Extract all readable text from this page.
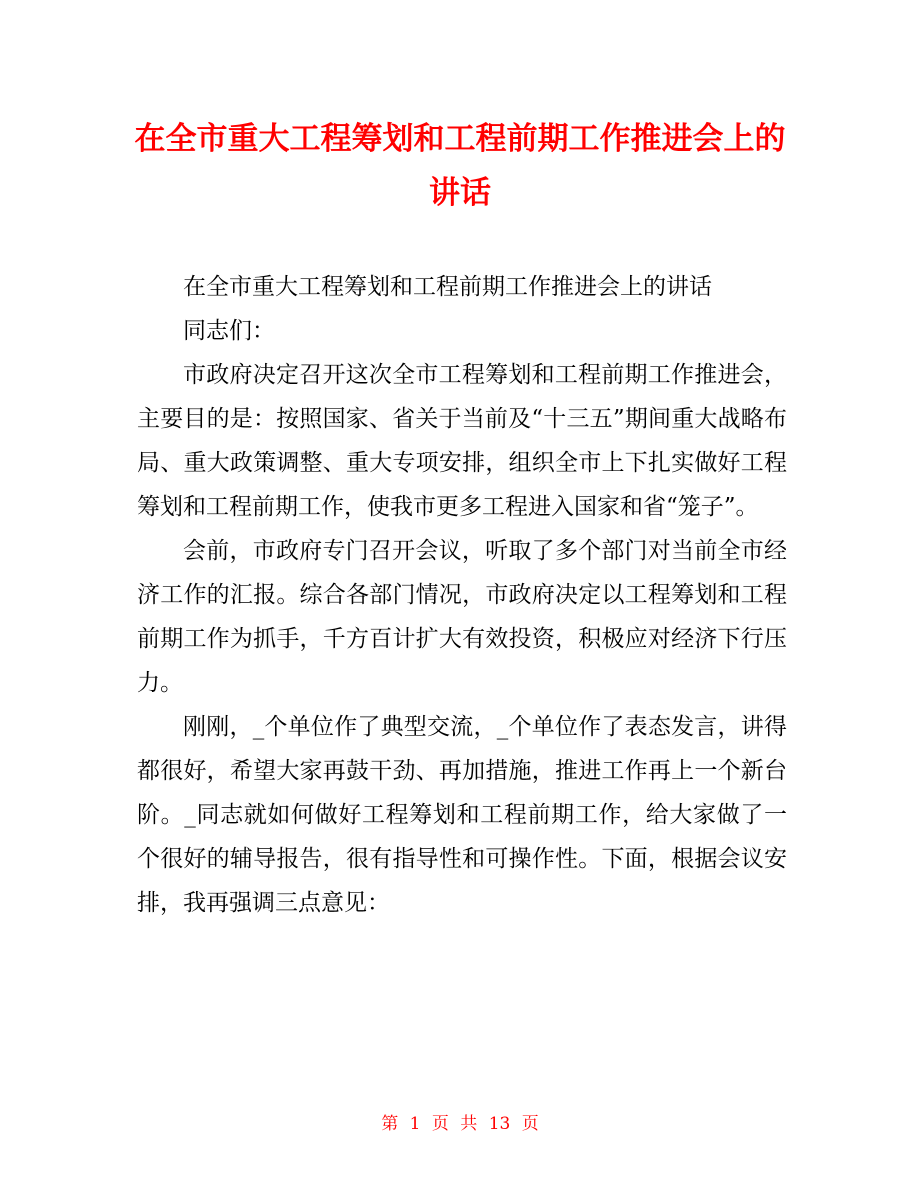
在全市重大工程筹划和工程前期工作推进会上的讲话

在全市重大工程筹划和工程前期工作推进会上的讲话

同志们：

市政府决定召开这次全市工程筹划和工程前期工作推进会，主要目的是：按照国家、省关于当前及“十三五”期间重大战略布局、重大政策调整、重大专项安排，组织全市上下扎实做好工程筹划和工程前期工作，使我市更多工程进入国家和省“笼子”。

会前，市政府专门召开会议，听取了多个部门对当前全市经济工作的汇报。综合各部门情况，市政府决定以工程筹划和工程前期工作为抓手，千方百计扩大有效投资，积极应对经济下行压力。

刚刚，_个单位作了典型交流，_个单位作了表态发言，讲得都很好，希望大家再鼓干劲、再加措施，推进工作再上一个新台阶。_同志就如何做好工程筹划和工程前期工作，给大家做了一个很好的辅导报告，很有指导性和可操作性。下面，根据会议安排，我再强调三点意见：

第 1 页 共 13 页
